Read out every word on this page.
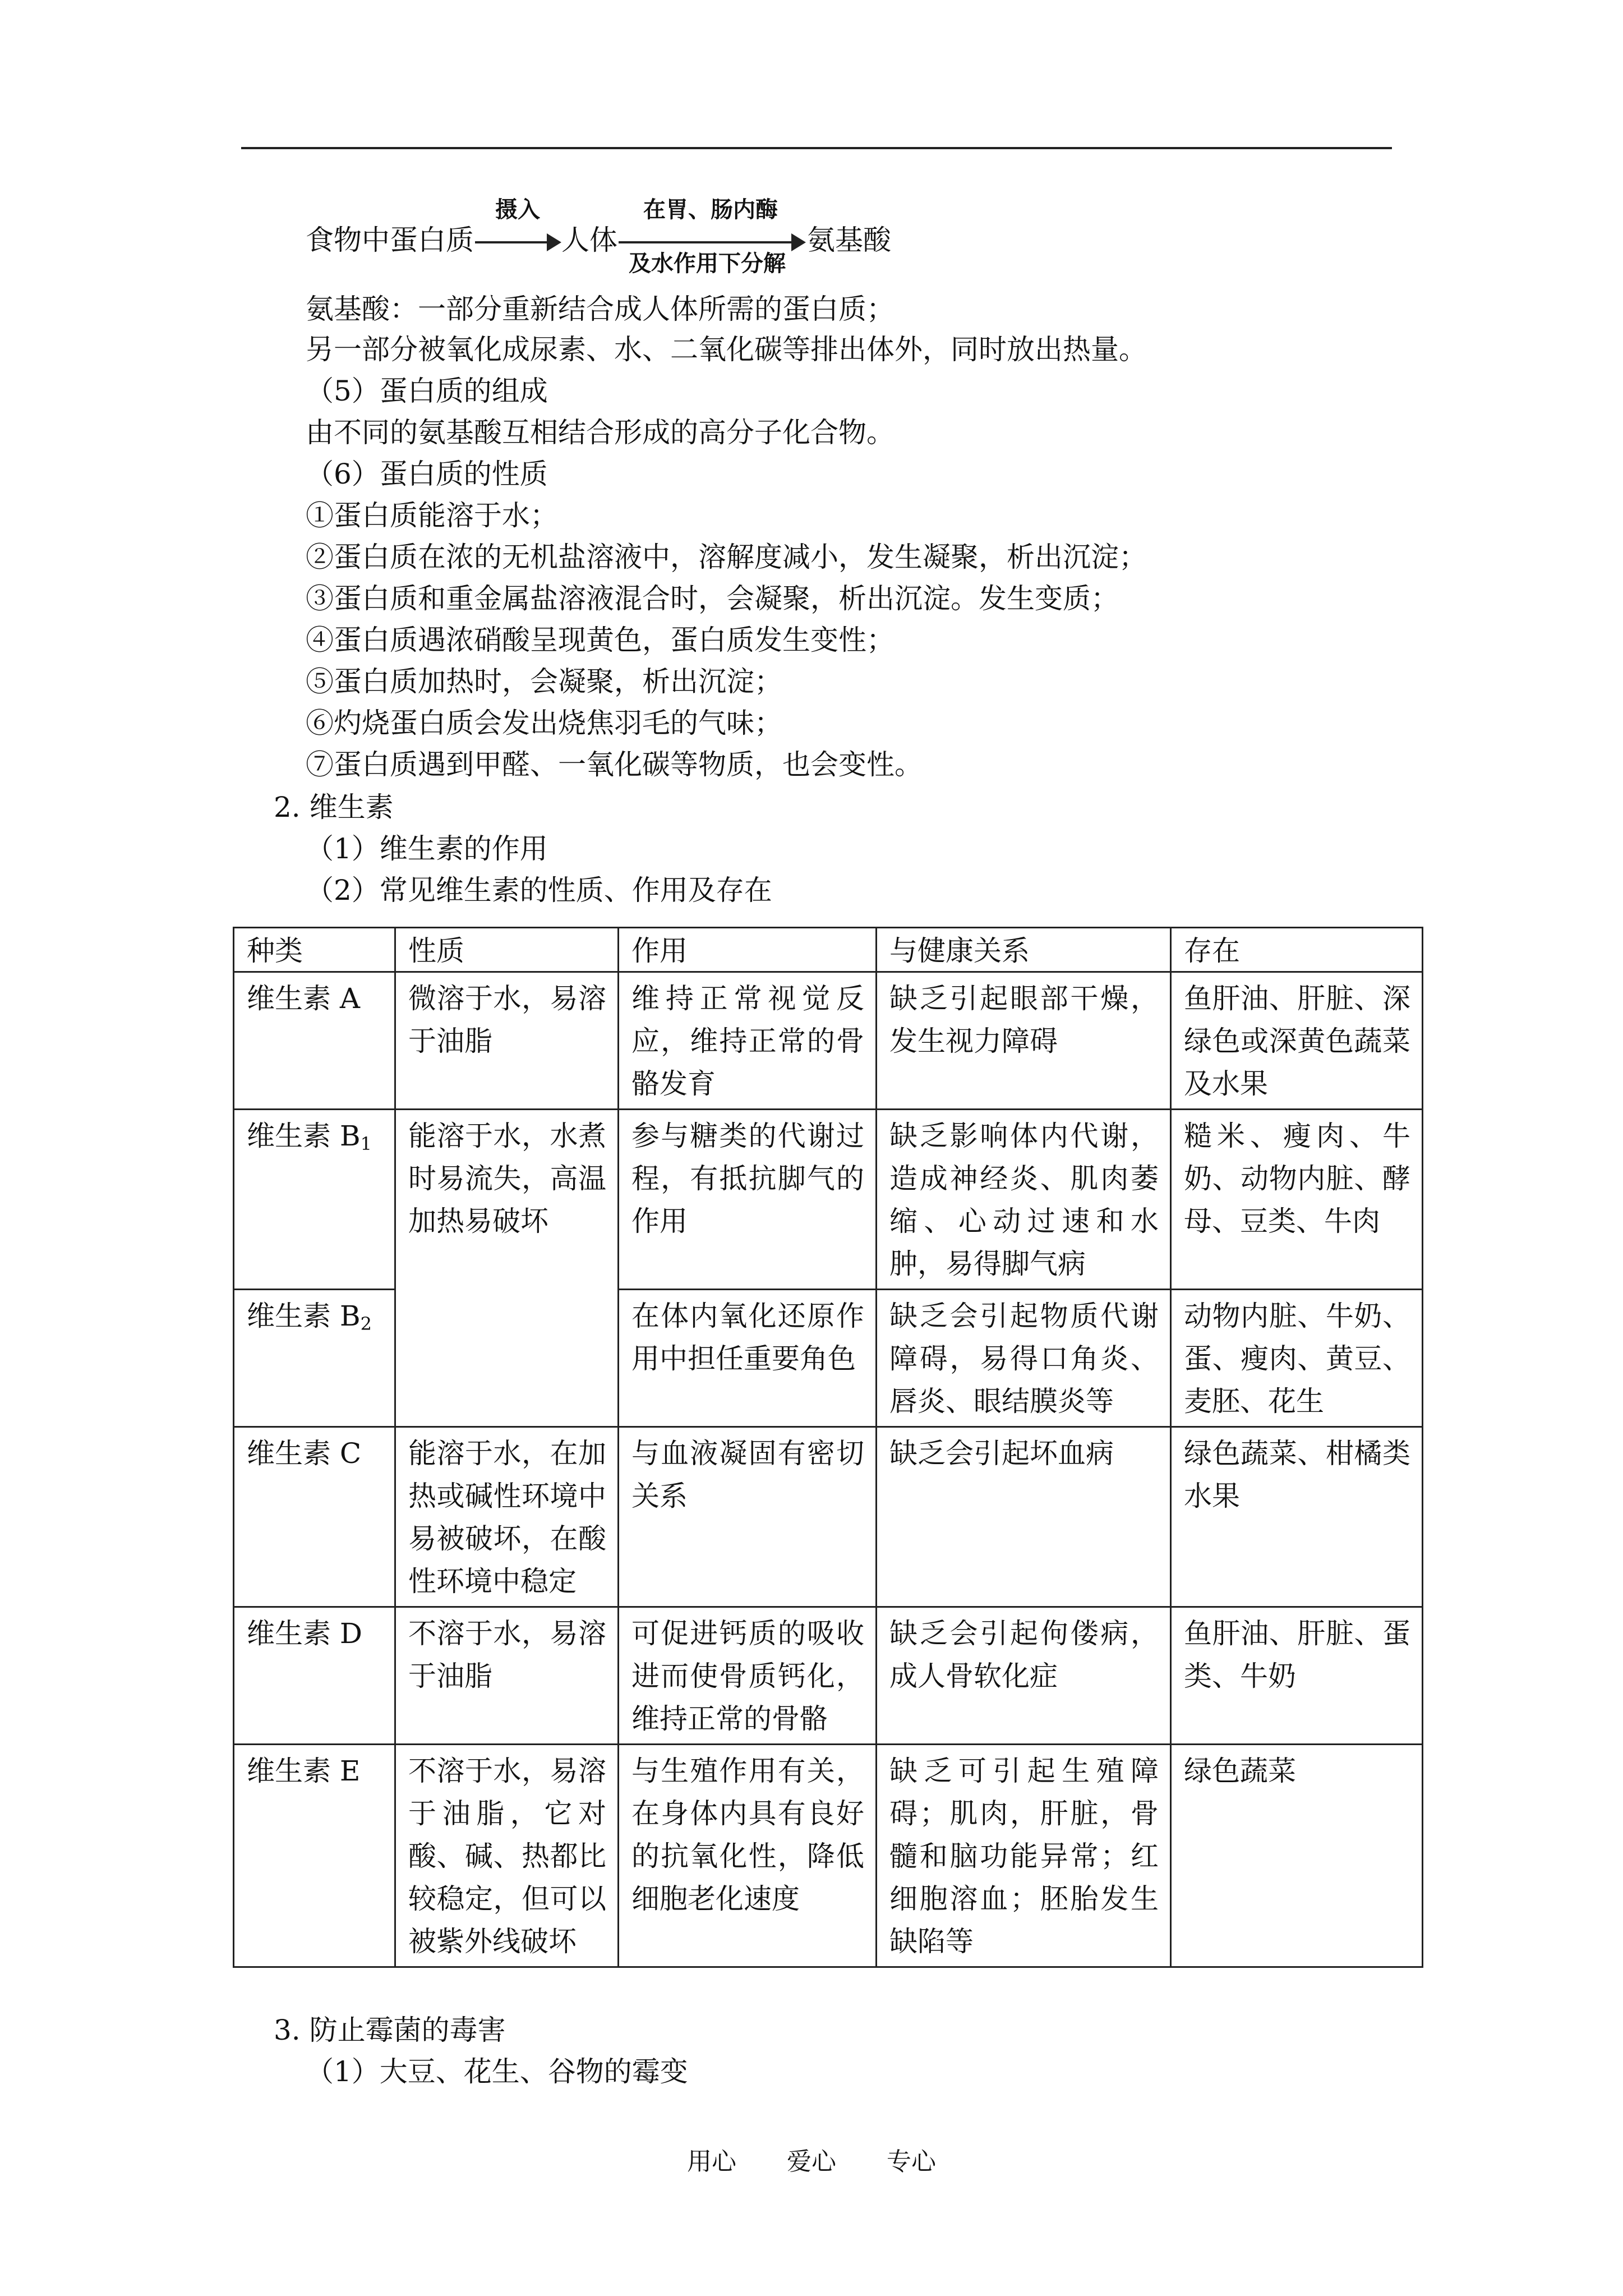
食物中蛋白质
摄入
人体
在胃、肠内酶
及水作用下分解
氨基酸
氨基酸：一部分重新结合成人体所需的蛋白质；
另一部分被氧化成尿素、水、二氧化碳等排出体外，同时放出热量。
（5）蛋白质的组成
由不同的氨基酸互相结合形成的高分子化合物。
（6）蛋白质的性质
①蛋白质能溶于水；
②蛋白质在浓的无机盐溶液中，溶解度减小，发生凝聚，析出沉淀；
③蛋白质和重金属盐溶液混合时，会凝聚，析出沉淀。发生变质；
④蛋白质遇浓硝酸呈现黄色，蛋白质发生变性；
⑤蛋白质加热时，会凝聚，析出沉淀；
⑥灼烧蛋白质会发出烧焦羽毛的气味；
⑦蛋白质遇到甲醛、一氧化碳等物质，也会变性。
2. 维生素
（1）维生素的作用
（2）常见维生素的性质、作用及存在
种类	性质	作用	与健康关系	存在
维生素 A	微溶于水，易溶于油脂	维持正常视觉反应，维持正常的骨骼发育	缺乏引起眼部干燥，发生视力障碍	鱼肝油、肝脏、深绿色或深黄色蔬菜及水果
维生素 $B_1$	能溶于水，水煮时易流失，高温加热易破坏	参与糖类的代谢过程，有抵抗脚气的作用	缺乏影响体内代谢，造成神经炎、肌肉萎缩、心动过速和水肿，易得脚气病	糙米、瘦肉、牛奶、动物内脏、酵母、豆类、牛肉
维生素 $B_2$		在体内氧化还原作用中担任重要角色	缺乏会引起物质代谢障碍，易得口角炎、唇炎、眼结膜炎等	动物内脏、牛奶、蛋、瘦肉、黄豆、麦胚、花生
维生素 C	能溶于水，在加热或碱性环境中易被破坏，在酸性环境中稳定	与血液凝固有密切关系	缺乏会引起坏血病	绿色蔬菜、柑橘类水果
维生素 D	不溶于水，易溶于油脂	可促进钙质的吸收进而使骨质钙化，维持正常的骨骼	缺乏会引起佝偻病，成人骨软化症	鱼肝油、肝脏、蛋类、牛奶
维生素 E	不溶于水，易溶于油脂，它对酸、碱、热都比较稳定，但可以被紫外线破坏	与生殖作用有关，在身体内具有良好的抗氧化性，降低细胞老化速度	缺乏可引起生殖障碍；肌肉，肝脏，骨髓和脑功能异常；红细胞溶血；胚胎发生缺陷等	绿色蔬菜
3. 防止霉菌的毒害
（1）大豆、花生、谷物的霉变
用心 爱心 专心
